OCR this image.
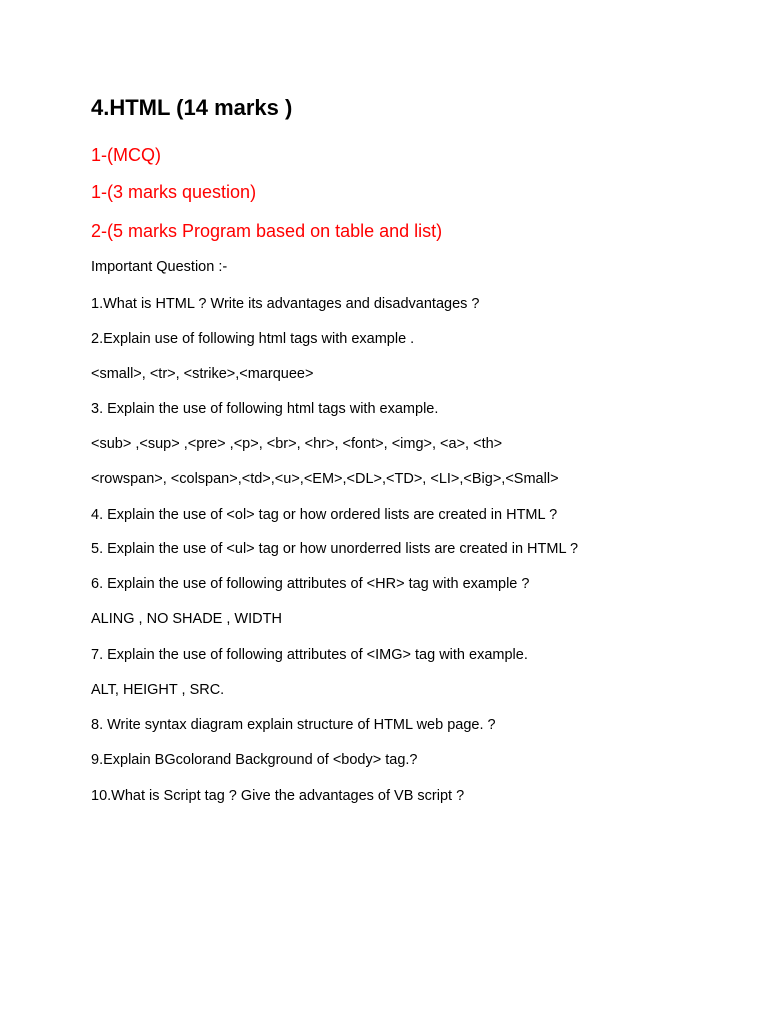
4.HTML (14 marks )
1-(MCQ)
1-(3 marks question)
2-(5 marks Program based on table and list)
Important Question :-
1.What is HTML ? Write its advantages and disadvantages ?
2.Explain use of following html tags with example .
<small>, <tr>, <strike>,<marquee>
3. Explain the use of following html tags with example.
<sub> ,<sup> ,<pre> ,<p>, <br>, <hr>, <font>, <img>, <a>, <th>
<rowspan>, <colspan>,<td>,<u>,<EM>,<DL>,<TD>, <LI>,<Big>,<Small>
4. Explain the use of <ol> tag or how ordered lists are created in HTML ?
5. Explain the use of <ul> tag or how unorderred lists are created in HTML ?
6. Explain the use of following attributes of <HR> tag with example ?
ALING , NO SHADE , WIDTH
7. Explain the use of following attributes of <IMG> tag with example.
ALT, HEIGHT , SRC.
8. Write syntax diagram explain structure of HTML web page. ?
9.Explain BGcolorand Background of <body> tag.?
10.What is Script tag ? Give the advantages of VB script ?
